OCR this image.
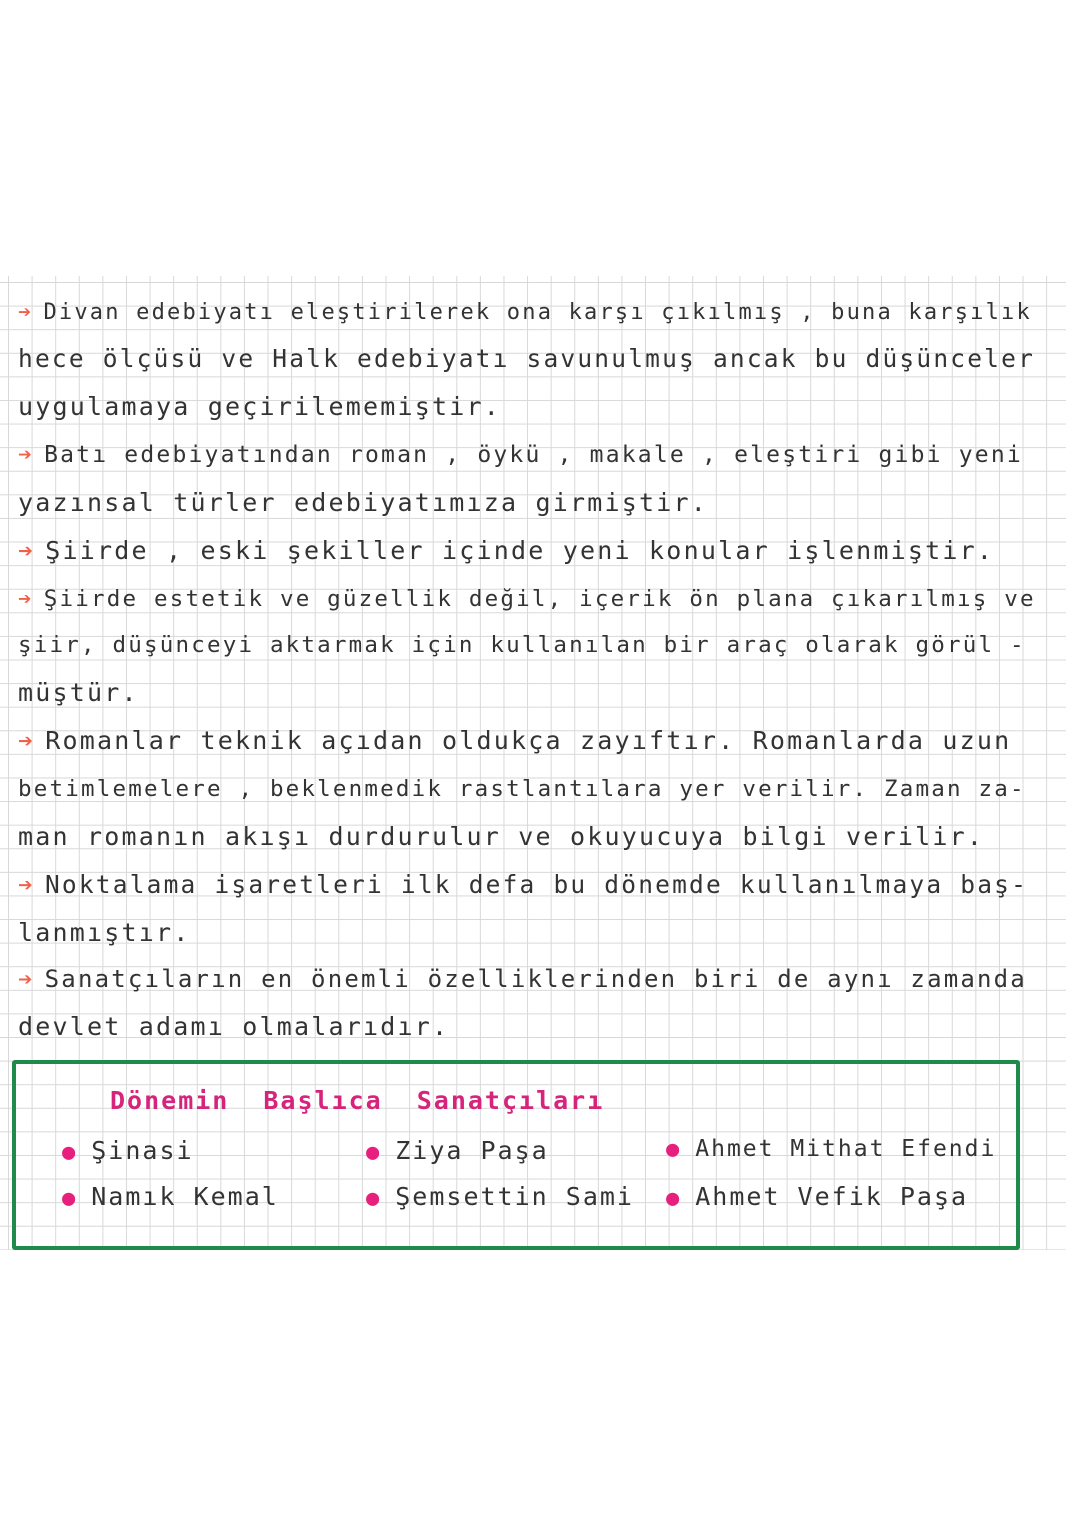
➔ Divan edebiyatı eleştirilerek ona karşı çıkılmış , buna karşılık
hece ölçüsü ve Halk edebiyatı savunulmuş ancak bu düşünceler
uygulamaya geçirilememiştir.
➔ Batı edebiyatından roman , öykü , makale , eleştiri gibi yeni
yazınsal türler edebiyatımıza girmiştir.
➔ Şiirde , eski şekiller içinde yeni konular işlenmiştir.
➔ Şiirde estetik ve güzellik değil, içerik ön plana çıkarılmış ve
şiir, düşünceyi aktarmak için kullanılan bir araç olarak görül -
müştür.
➔ Romanlar teknik açıdan oldukça zayıftır. Romanlarda uzun
betimlemelere , beklenmedik rastlantılara yer verilir. Zaman za-
man romanın akışı durdurulur ve okuyucuya bilgi verilir.
➔ Noktalama işaretleri ilk defa bu dönemde kullanılmaya baş-
lanmıştır.
➔ Sanatçıların en önemli özelliklerinden biri de aynı zamanda
devlet adamı olmalarıdır.
Dönemin Başlıca Sanatçıları
● Şinasi	● Ziya Paşa	● Ahmet Mithat Efendi
● Namık Kemal	● Şemsettin Sami ● Ahmet Vefik Paşa
